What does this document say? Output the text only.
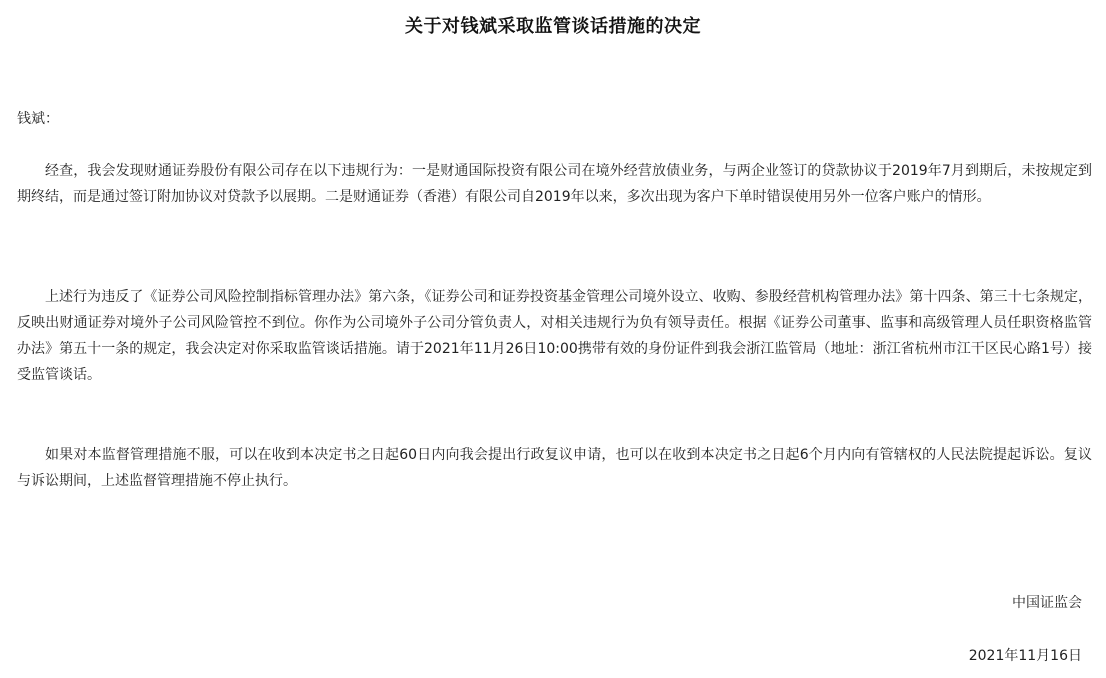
关于对钱斌采取监管谈话措施的决定

钱斌：

经查，我会发现财通证券股份有限公司存在以下违规行为：一是财通国际投资有限公司在境外经营放债业务，与两企业签订的贷款协议于2019年7月到期后，未按规定到期终结，而是通过签订附加协议对贷款予以展期。二是财通证券（香港）有限公司自2019年以来，多次出现为客户下单时错误使用另外一位客户账户的情形。

上述行为违反了《证券公司风险控制指标管理办法》第六条，《证券公司和证券投资基金管理公司境外设立、收购、参股经营机构管理办法》第十四条、第三十七条规定，反映出财通证券对境外子公司风险管控不到位。你作为公司境外子公司分管负责人，对相关违规行为负有领导责任。根据《证券公司董事、监事和高级管理人员任职资格监管办法》第五十一条的规定，我会决定对你采取监管谈话措施。请于2021年11月26日10:00携带有效的身份证件到我会浙江监管局（地址：浙江省杭州市江干区民心路1号）接受监管谈话。

如果对本监督管理措施不服，可以在收到本决定书之日起60日内向我会提出行政复议申请，也可以在收到本决定书之日起6个月内向有管辖权的人民法院提起诉讼。复议与诉讼期间，上述监督管理措施不停止执行。

中国证监会

2021年11月16日
